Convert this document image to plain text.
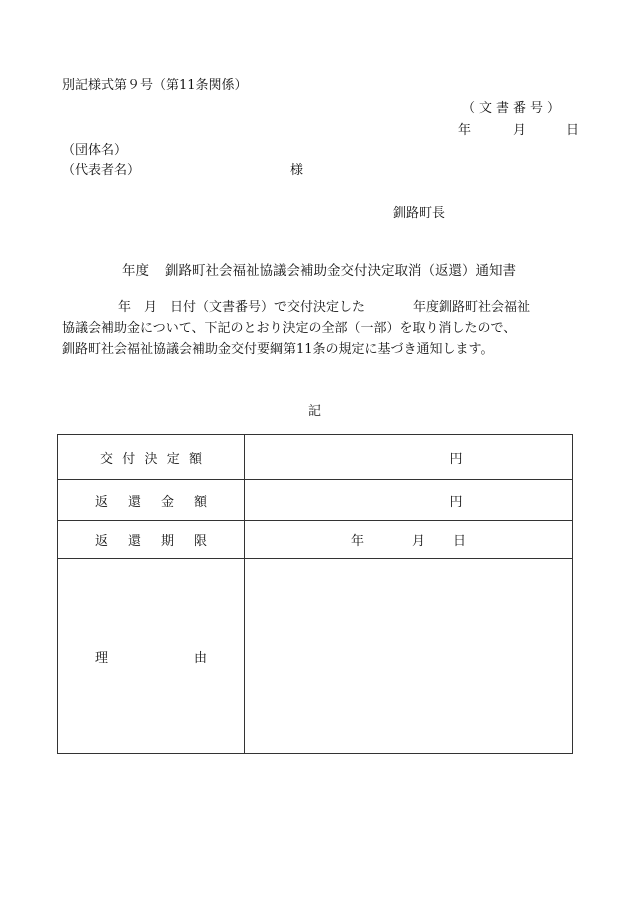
別記様式第９号（第11条関係）
（文書番号）
年	月	日
（団体名）
（代表者名）	様
釧路町長
年度 釧路町社会福祉協議会補助金交付決定取消（返還）通知書

年　月　日付（文書番号）で交付決定した	年度釧路町社会福祉

協議会補助金について、下記のとおり決定の全部（一部）を取り消したので、

釧路町社会福祉協議会補助金交付要綱第11条の規定に基づき通知します。

記
交 付 決 定 額	円

返 還 金 額	円

返 還 期 限	年 月 日

理 由	
